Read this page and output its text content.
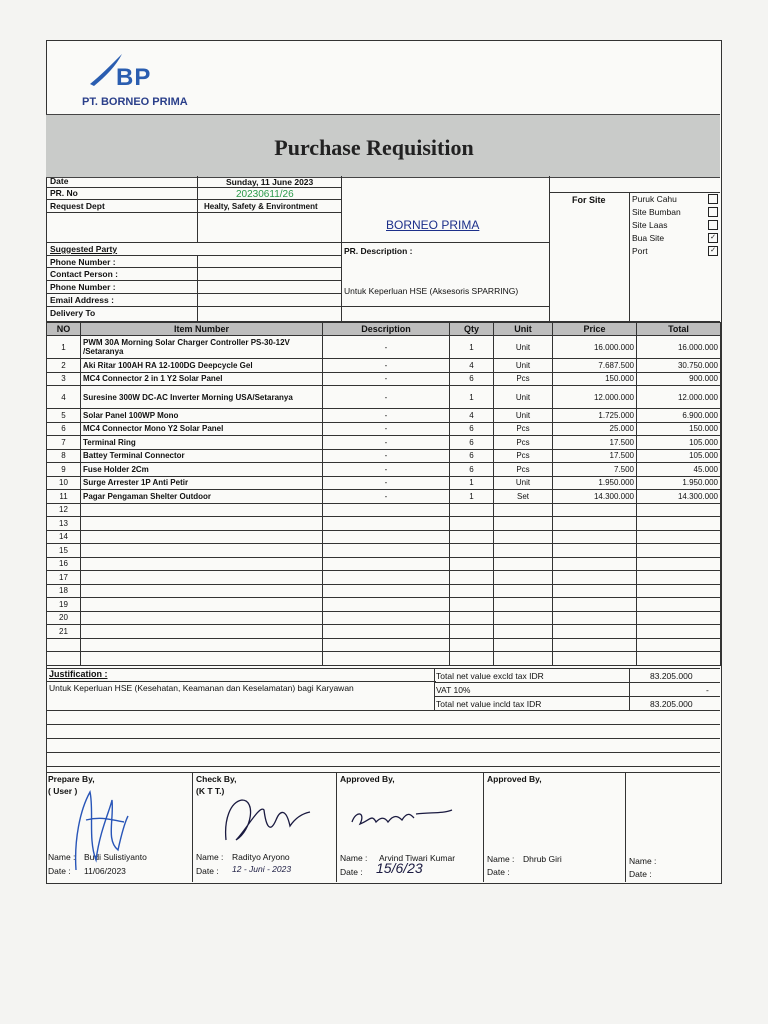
BP
PT. BORNEO PRIMA
Purchase Requisition
Date	Sunday, 11 June 2023
PR. No	20230611/26
Request Dept	Healty, Safety & Environtment
BORNEO PRIMA
Suggested Party
Phone Number :
Contact Person :
Phone Number :
Email Address :
Delivery To
PR. Description :
Untuk Keperluan HSE (Aksesoris SPARRING)
For Site	Puruk Cahu
Site Bumban
Site Laas
Bua Site	✓
Port	✓
NO	Item Number	Description	Qty	Unit	Price	Total
1	PWM 30A Morning Solar Charger Controller PS-30-12V /Setaranya	-	1	Unit	16.000.000	16.000.000
2	Aki Ritar 100AH RA 12-100DG Deepcycle Gel	-	4	Unit	7.687.500	30.750.000
3	MC4 Connector 2 in 1 Y2 Solar Panel	-	6	Pcs	150.000	900.000
4	Suresine 300W DC-AC Inverter Morning USA/Setaranya	-	1	Unit	12.000.000	12.000.000
5	Solar Panel 100WP Mono	-	4	Unit	1.725.000	6.900.000
6	MC4 Connector Mono Y2 Solar Panel	-	6	Pcs	25.000	150.000
7	Terminal Ring	-	6	Pcs	17.500	105.000
8	Battey Terminal Connector	-	6	Pcs	17.500	105.000
9	Fuse Holder 2Cm	-	6	Pcs	7.500	45.000
10	Surge Arrester 1P Anti Petir	-	1	Unit	1.950.000	1.950.000
11	Pagar Pengaman Shelter Outdoor	-	1	Set	14.300.000	14.300.000
12						
13						
14						
15						
16						
17						
18						
19						
20						
21						

Justification :
Untuk Keperluan HSE (Kesehatan, Keamanan dan Keselamatan) bagi Karyawan
Total net value excld tax IDR	83.205.000
VAT 10%	-
Total net value incld tax IDR	83.205.000
Prepare By,
( User )
Name : Budi Sulistiyanto
Date : 11/06/2023
Check By,
(K T T.)
Name : Radityo Aryono
Date : 12 - Juni - 2023
Approved By,
Name : Arvind Tiwari Kumar
Date : 15/6/23
Approved By,
Name : Dhrub Giri
Date :
Name :
Date :
